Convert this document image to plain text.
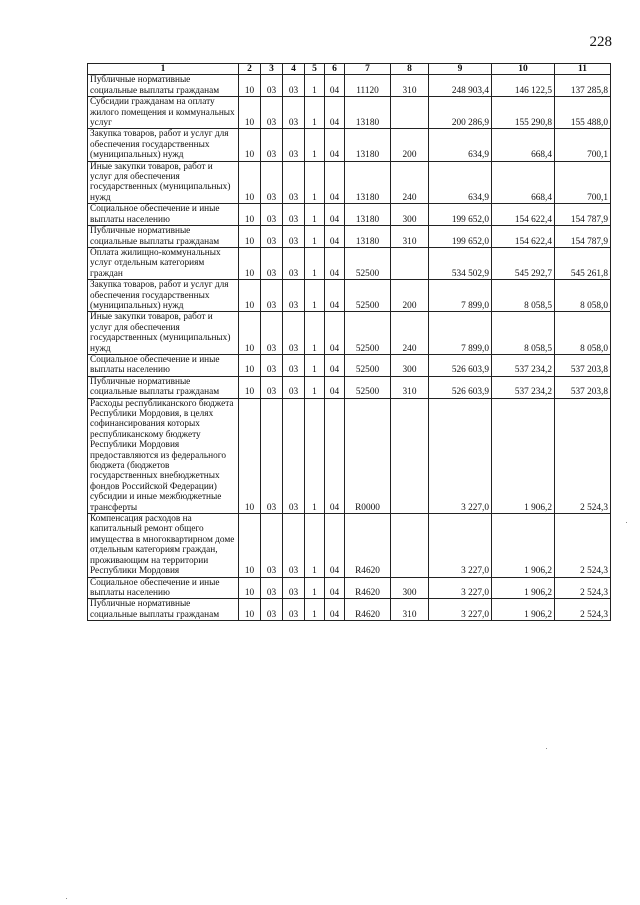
228
1	2	3	4	5	6	7	8	9	10	11
Публичные нормативные социальные выплаты гражданам	10	03	03	1	04	11120	310	248 903,4	146 122,5	137 285,8
Субсидии гражданам на оплату жилого помещения и коммунальных услуг	10	03	03	1	04	13180		200 286,9	155 290,8	155 488,0
Закупка товаров, работ и услуг для обеспечения государственных (муниципальных) нужд	10	03	03	1	04	13180	200	634,9	668,4	700,1
Иные закупки товаров, работ и услуг для обеспечения государственных (муниципальных) нужд	10	03	03	1	04	13180	240	634,9	668,4	700,1
Социальное обеспечение и иные выплаты населению	10	03	03	1	04	13180	300	199 652,0	154 622,4	154 787,9
Публичные нормативные социальные выплаты гражданам	10	03	03	1	04	13180	310	199 652,0	154 622,4	154 787,9
Оплата жилищно-коммунальных услуг отдельным категориям граждан	10	03	03	1	04	52500		534 502,9	545 292,7	545 261,8
Закупка товаров, работ и услуг для обеспечения государственных (муниципальных) нужд	10	03	03	1	04	52500	200	7 899,0	8 058,5	8 058,0
Иные закупки товаров, работ и услуг для обеспечения государственных (муниципальных) нужд	10	03	03	1	04	52500	240	7 899,0	8 058,5	8 058,0
Социальное обеспечение и иные выплаты населению	10	03	03	1	04	52500	300	526 603,9	537 234,2	537 203,8
Публичные нормативные социальные выплаты гражданам	10	03	03	1	04	52500	310	526 603,9	537 234,2	537 203,8
Расходы республиканского бюджета Республики Мордовия, в целях софинансирования которых республиканскому бюджету Республики Мордовия предоставляются из федерального бюджета (бюджетов государственных внебюджетных фондов Российской Федерации) субсидии и иные межбюджетные трансферты	10	03	03	1	04	R0000		3 227,0	1 906,2	2 524,3
Компенсация расходов на капитальный ремонт общего имущества в многоквартирном доме отдельным категориям граждан, проживающим на территории Республики Мордовия	10	03	03	1	04	R4620		3 227,0	1 906,2	2 524,3
Социальное обеспечение и иные выплаты населению	10	03	03	1	04	R4620	300	3 227,0	1 906,2	2 524,3
Публичные нормативные социальные выплаты гражданам	10	03	03	1	04	R4620	310	3 227,0	1 906,2	2 524,3
